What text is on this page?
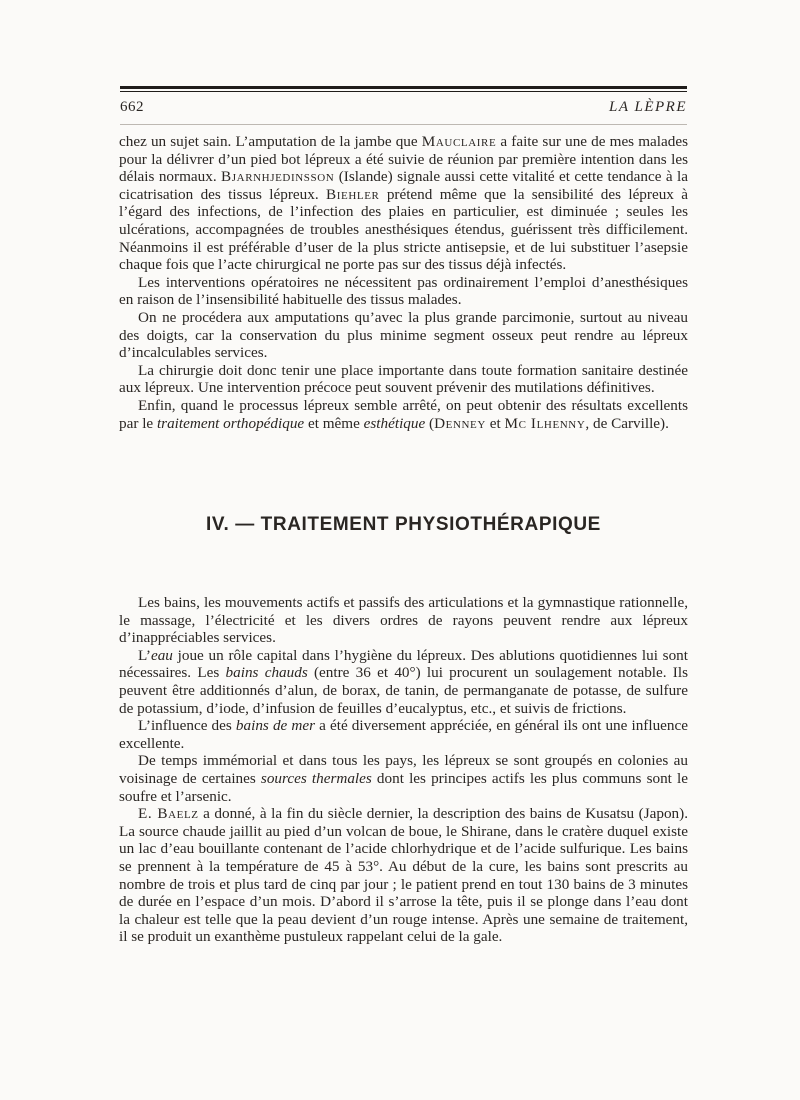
662	LA LÈPRE

chez un sujet sain. L’amputation de la jambe que Mauclaire a faite sur une de mes malades pour la délivrer d’un pied bot lépreux a été suivie de réunion par première intention dans les délais normaux. Bjarnhjedinsson (Islande) signale aussi cette vitalité et cette tendance à la cicatrisation des tissus lépreux. Biehler prétend même que la sensibilité des lépreux à l’égard des infections, de l’infection des plaies en particulier, est diminuée ; seules les ulcérations, accompagnées de troubles anesthésiques étendus, guérissent très difficilement. Néanmoins il est préférable d’user de la plus stricte antisepsie, et de lui substituer l’asepsie chaque fois que l’acte chirurgical ne porte pas sur des tissus déjà infectés.

Les interventions opératoires ne nécessitent pas ordinairement l’emploi d’anesthésiques en raison de l’insensibilité habituelle des tissus malades.

On ne procédera aux amputations qu’avec la plus grande parcimonie, surtout au niveau des doigts, car la conservation du plus minime segment osseux peut rendre au lépreux d’incalculables services.

La chirurgie doit donc tenir une place importante dans toute formation sanitaire destinée aux lépreux. Une intervention précoce peut souvent prévenir des mutilations définitives.

Enfin, quand le processus lépreux semble arrêté, on peut obtenir des résultats excellents par le traitement orthopédique et même esthétique (Denney et Mc Ilhenny, de Carville).

IV. — TRAITEMENT PHYSIOTHÉRAPIQUE

Les bains, les mouvements actifs et passifs des articulations et la gymnastique rationnelle, le massage, l’électricité et les divers ordres de rayons peuvent rendre aux lépreux d’inappréciables services.

L’eau joue un rôle capital dans l’hygiène du lépreux. Des ablutions quotidiennes lui sont nécessaires. Les bains chauds (entre 36 et 40°) lui procurent un soulagement notable. Ils peuvent être additionnés d’alun, de borax, de tanin, de permanganate de potasse, de sulfure de potassium, d’iode, d’infusion de feuilles d’eucalyptus, etc., et suivis de frictions.

L’influence des bains de mer a été diversement appréciée, en général ils ont une influence excellente.

De temps immémorial et dans tous les pays, les lépreux se sont groupés en colonies au voisinage de certaines sources thermales dont les principes actifs les plus communs sont le soufre et l’arsenic.

E. Baelz a donné, à la fin du siècle dernier, la description des bains de Kusatsu (Japon). La source chaude jaillit au pied d’un volcan de boue, le Shirane, dans le cratère duquel existe un lac d’eau bouillante contenant de l’acide chlorhydrique et de l’acide sulfurique. Les bains se prennent à la température de 45 à 53°. Au début de la cure, les bains sont prescrits au nombre de trois et plus tard de cinq par jour ; le patient prend en tout 130 bains de 3 minutes de durée en l’espace d’un mois. D’abord il s’arrose la tête, puis il se plonge dans l’eau dont la chaleur est telle que la peau devient d’un rouge intense. Après une semaine de traitement, il se produit un exanthème pustuleux rappelant celui de la gale.
